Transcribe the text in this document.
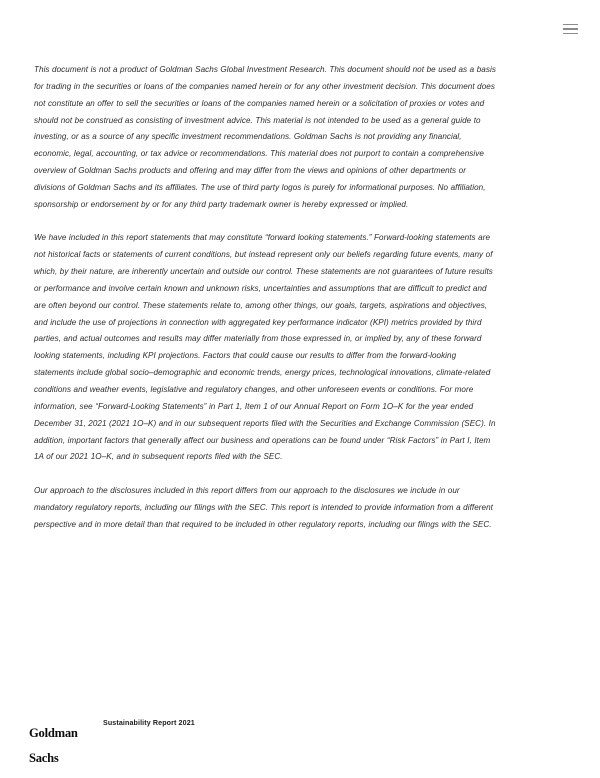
This document is not a product of Goldman Sachs Global Investment Research. This document should not be used as a basis for trading in the securities or loans of the companies named herein or for any other investment decision. This document does not constitute an offer to sell the securities or loans of the companies named herein or a solicitation of proxies or votes and should not be construed as consisting of investment advice. This material is not intended to be used as a general guide to investing, or as a source of any specific investment recommendations. Goldman Sachs is not providing any financial, economic, legal, accounting, or tax advice or recommendations. This material does not purport to contain a comprehensive overview of Goldman Sachs products and offering and may differ from the views and opinions of other departments or divisions of Goldman Sachs and its affiliates. The use of third party logos is purely for informational purposes. No affiliation, sponsorship or endorsement by or for any third party trademark owner is hereby expressed or implied.

We have included in this report statements that may constitute “forward looking statements.” Forward-looking statements are not historical facts or statements of current conditions, but instead represent only our beliefs regarding future events, many of which, by their nature, are inherently uncertain and outside our control. These statements are not guarantees of future results or performance and involve certain known and unknown risks, uncertainties and assumptions that are difficult to predict and are often beyond our control. These statements relate to, among other things, our goals, targets, aspirations and objectives, and include the use of projections in connection with aggregated key performance indicator (KPI) metrics provided by third parties, and actual outcomes and results may differ materially from those expressed in, or implied by, any of these forward looking statements, including KPI projections. Factors that could cause our results to differ from the forward-looking statements include global socio–demographic and economic trends, energy prices, technological innovations, climate-related conditions and weather events, legislative and regulatory changes, and other unforeseen events or conditions. For more information, see “Forward-Looking Statements” in Part 1, Item 1 of our Annual Report on Form 1O–K for the year ended December 31, 2021 (2021 1O–K) and in our subsequent reports filed with the Securities and Exchange Commission (SEC). In addition, important factors that generally affect our business and operations can be found under “Risk Factors” in Part I, Item 1A of our 2021 1O–K, and in subsequent reports filed with the SEC.

Our approach to the disclosures included in this report differs from our approach to the disclosures we include in our mandatory regulatory reports, including our filings with the SEC. This report is intended to provide information from a different perspective and in more detail than that required to be included in other regulatory reports, including our filings with the SEC.

Goldman

Sachs

Sustainability Report 2021
